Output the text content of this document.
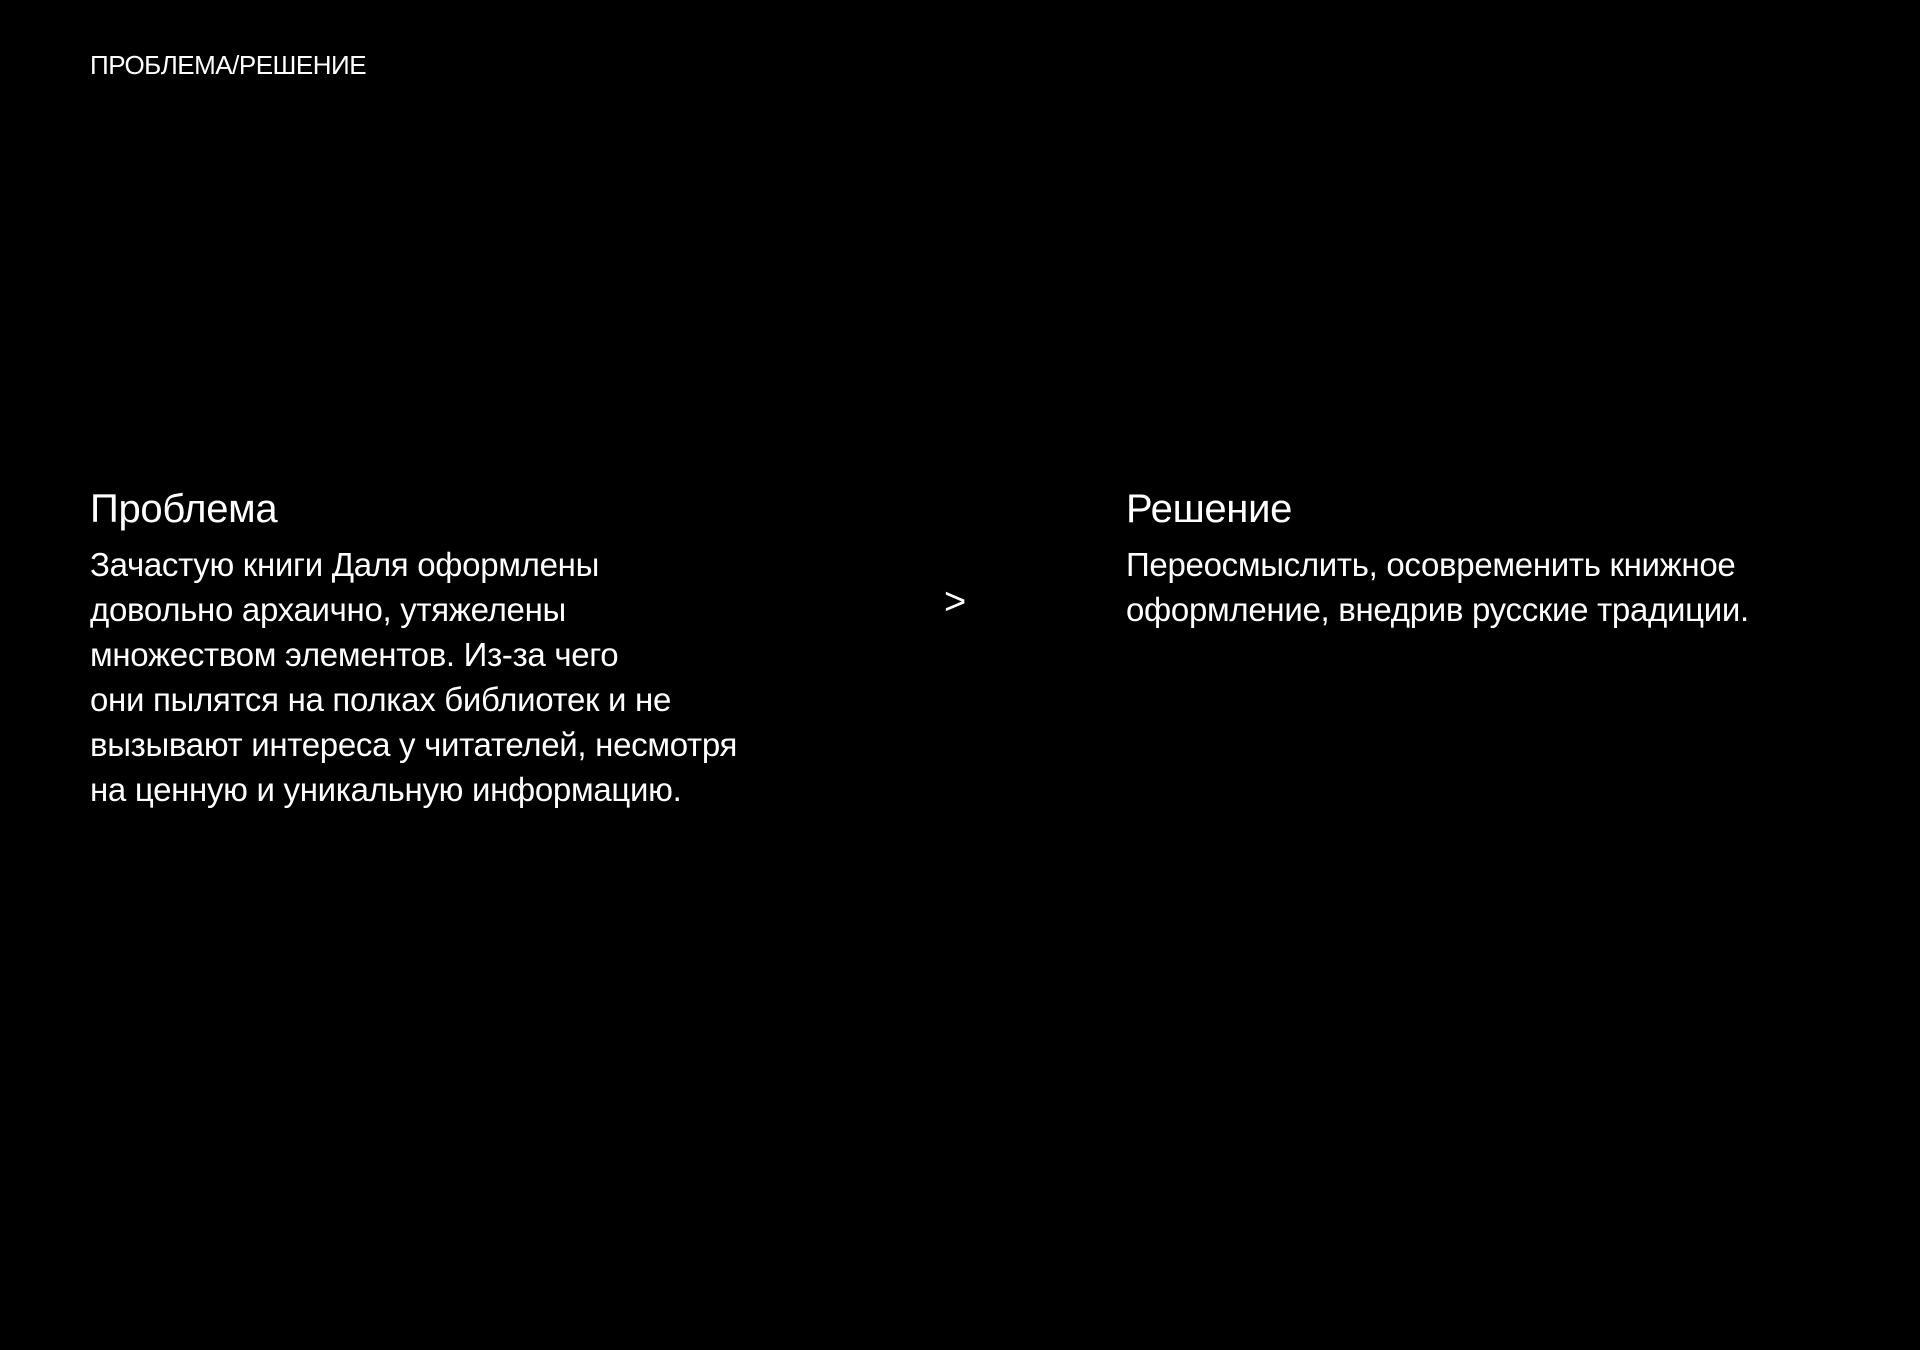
ПРОБЛЕМА/РЕШЕНИЕ
Проблема

Зачастую книги Даля оформлены
довольно архаично, утяжелены
множеством элементов. Из-за чего
они пылятся на полках библиотек и не
вызывают интереса у читателей, несмотря
на ценную и уникальную информацию.

>
Решение

Переосмыслить, осовременить книжное
оформление, внедрив русские традиции.
